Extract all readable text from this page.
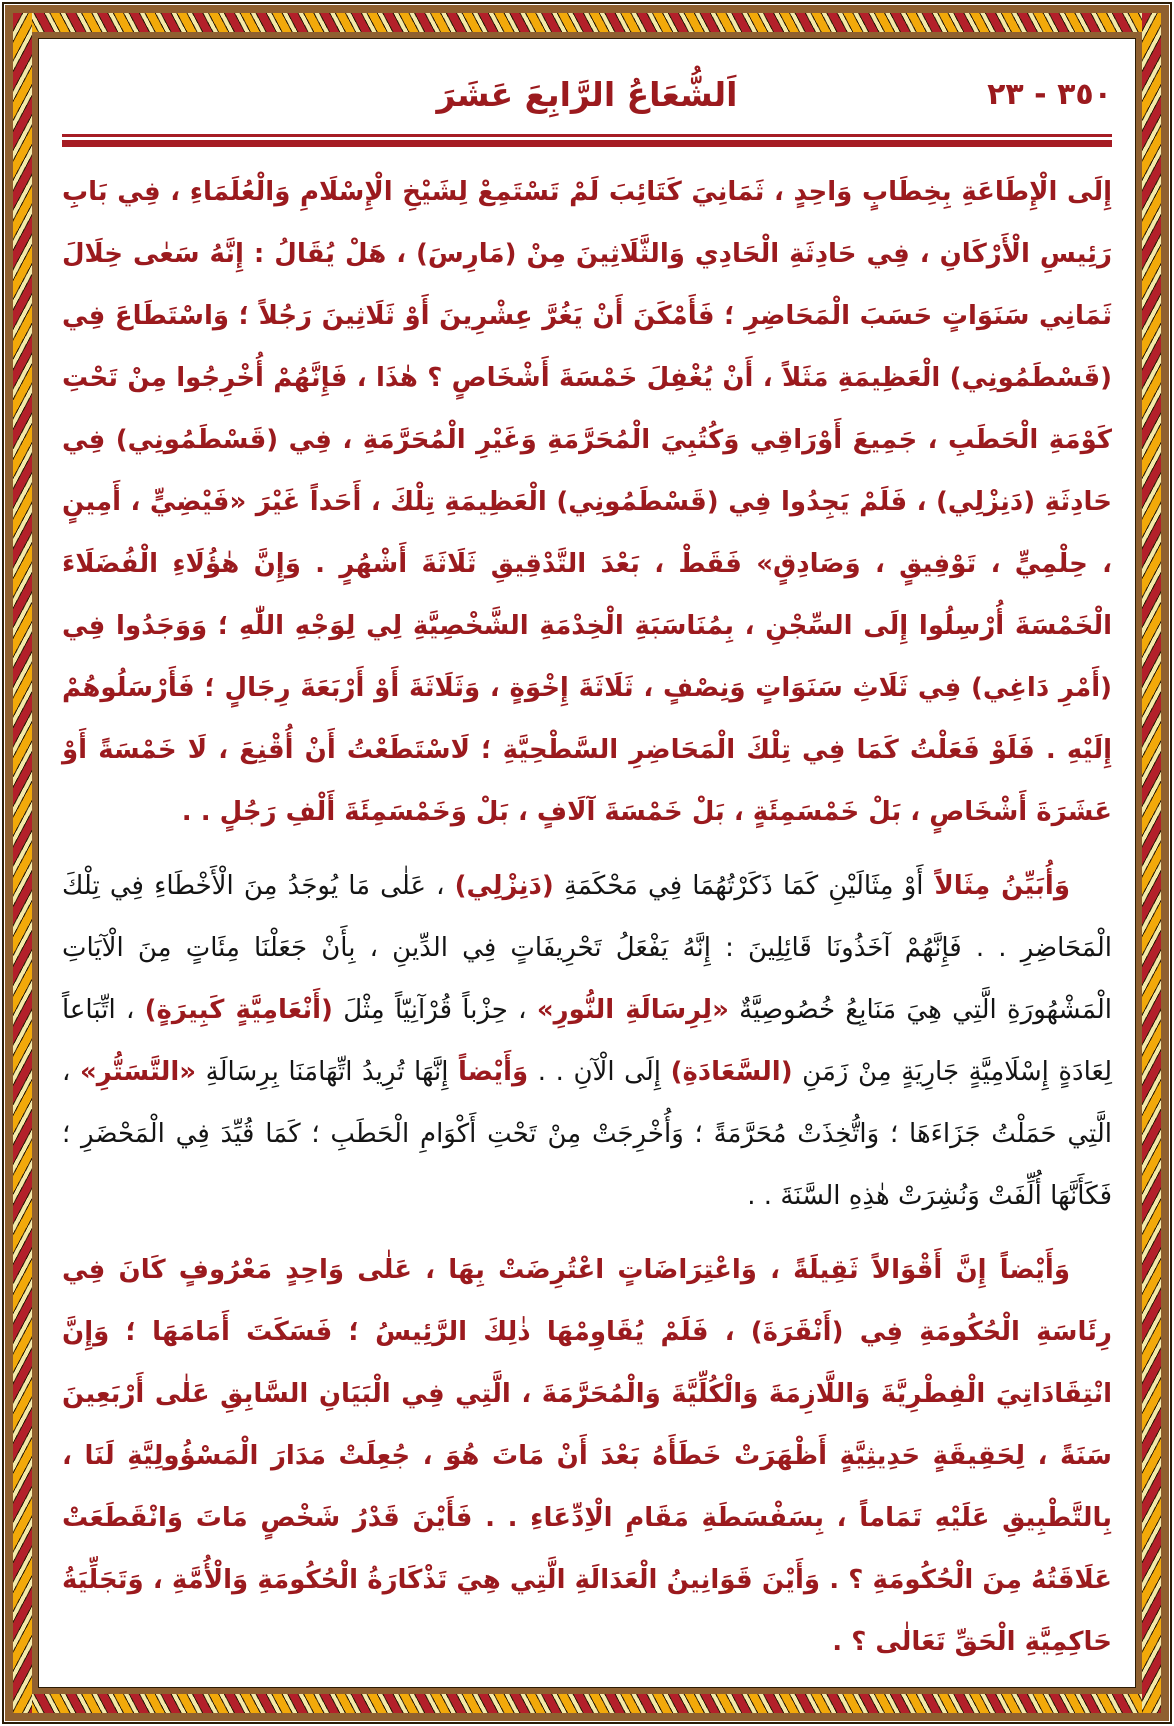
اَلشُّعَاعُ الرَّابِعَ عَشَرَ	٣٥٠ - ٢٣

إِلَى الْإِطَاعَةِ بِخِطَابٍ وَاحِدٍ ، ثَمَانِيَ كَتَائِبَ لَمْ تَسْتَمِعْ لِشَيْخِ الْإِسْلَامِ وَالْعُلَمَاءِ ، فِي بَابِ رَئِيسِ الْأَرْكَانِ ، فِي حَادِثَةِ الْحَادِي وَالثَّلَاثِينَ مِنْ (مَارِسَ) ، هَلْ يُقَالُ : إِنَّهُ سَعٰى خِلَالَ ثَمَانِي سَنَوَاتٍ حَسَبَ الْمَحَاضِرِ ؛ فَأَمْكَنَ أَنْ يَغُرَّ عِشْرِينَ أَوْ ثَلَاثِينَ رَجُلاً ؛ وَاسْتَطَاعَ فِي (قَسْطَمُونِي) الْعَظِيمَةِ مَثَلاً ، أَنْ يُغْفِلَ خَمْسَةَ أَشْخَاصٍ ؟ هٰذَا ، فَإِنَّهُمْ أُخْرِجُوا مِنْ تَحْتِ كَوْمَةِ الْحَطَبِ ، جَمِيعَ أَوْرَاقِي وَكُتُبِيَ الْمُحَرَّمَةِ وَغَيْرِ الْمُحَرَّمَةِ ، فِي (قَسْطَمُونِي) فِي حَادِثَةِ (دَنِزْلِي) ، فَلَمْ يَجِدُوا فِي (قَسْطَمُونِي) الْعَظِيمَةِ تِلْكَ ، أَحَداً غَيْرَ «فَيْضِيٍّ ، أَمِينٍ ، حِلْمِيٍّ ، تَوْفِيقٍ ، وَصَادِقٍ» فَقَطْ ، بَعْدَ التَّدْقِيقِ ثَلَاثَةَ أَشْهُرٍ . وَإِنَّ هٰؤُلَاءِ الْفُضَلَاءَ الْخَمْسَةَ أُرْسِلُوا إِلَى السِّجْنِ ، بِمُنَاسَبَةِ الْخِدْمَةِ الشَّخْصِيَّةِ لِي لِوَجْهِ اللّٰهِ ؛ وَوَجَدُوا فِي (أَمْرِ دَاغِي) فِي ثَلَاثِ سَنَوَاتٍ وَنِصْفٍ ، ثَلَاثَةَ إِخْوَةٍ ، وَثَلَاثَةَ أَوْ أَرْبَعَةَ رِجَالٍ ؛ فَأَرْسَلُوهُمْ إِلَيْهِ . فَلَوْ فَعَلْتُ كَمَا فِي تِلْكَ الْمَحَاضِرِ السَّطْحِيَّةِ ؛ لَاسْتَطَعْتُ أَنْ أُقْنِعَ ، لَا خَمْسَةً أَوْ عَشَرَةَ أَشْخَاصٍ ، بَلْ خَمْسَمِئَةٍ ، بَلْ خَمْسَةَ آلَافٍ ، بَلْ وَخَمْسَمِئَةَ أَلْفِ رَجُلٍ . .

وَأُبَيِّنُ مِثَالاً أَوْ مِثَالَيْنِ كَمَا ذَكَرْتُهُمَا فِي مَحْكَمَةِ (دَنِزْلِي) ، عَلٰى مَا يُوجَدُ مِنَ الْأَخْطَاءِ فِي تِلْكَ الْمَحَاضِرِ . . فَإِنَّهُمْ آخَذُونَا قَائِلِينَ : إِنَّهُ يَفْعَلُ تَحْرِيفَاتٍ فِي الدِّينِ ، بِأَنْ جَعَلْنَا مِئَاتٍ مِنَ الْآيَاتِ الْمَشْهُورَةِ الَّتِي هِيَ مَنَابِعُ خُصُوصِيَّةٌ «لِرِسَالَةِ النُّورِ» ، حِزْباً قُرْآنِيّاً مِثْلَ (أَنْعَامِيَّةٍ كَبِيرَةٍ) ، اتِّبَاعاً لِعَادَةٍ إِسْلَامِيَّةٍ جَارِيَةٍ مِنْ زَمَنِ (السَّعَادَةِ) إِلَى الْآنِ . . وَأَيْضاً إِنَّهَا تُرِيدُ اتِّهَامَنَا بِرِسَالَةِ «التَّسَتُّرِ» ، الَّتِي حَمَلْتُ جَزَاءَهَا ؛ وَاتُّخِذَتْ مُحَرَّمَةً ؛ وَأُخْرِجَتْ مِنْ تَحْتِ أَكْوَامِ الْحَطَبِ ؛ كَمَا قُيِّدَ فِي الْمَحْضَرِ ؛ فَكَأَنَّهَا أُلِّفَتْ وَنُشِرَتْ هٰذِهِ السَّنَةَ . .

وَأَيْضاً إِنَّ أَقْوَالاً ثَقِيلَةً ، وَاعْتِرَاضَاتٍ اعْتُرِضَتْ بِهَا ، عَلٰى وَاحِدٍ مَعْرُوفٍ كَانَ فِي رِئَاسَةِ الْحُكُومَةِ فِي (أَنْقَرَةَ) ، فَلَمْ يُقَاوِمْهَا ذٰلِكَ الرَّئِيسُ ؛ فَسَكَتَ أَمَامَهَا ؛ وَإِنَّ انْتِقَادَاتِيَ الْفِطْرِيَّةَ وَاللَّازِمَةَ وَالْكُلِّيَّةَ وَالْمُحَرَّمَةَ ، الَّتِي فِي الْبَيَانِ السَّابِقِ عَلٰى أَرْبَعِينَ سَنَةً ، لِحَقِيقَةٍ حَدِيثِيَّةٍ أَظْهَرَتْ خَطَأَهُ بَعْدَ أَنْ مَاتَ هُوَ ، جُعِلَتْ مَدَارَ الْمَسْؤُولِيَّةِ لَنَا ، بِالتَّطْبِيقِ عَلَيْهِ تَمَاماً ، بِسَفْسَطَةِ مَقَامِ الْاِدِّعَاءِ . . فَأَيْنَ قَدْرُ شَخْصٍ مَاتَ وَانْقَطَعَتْ عَلَاقَتُهُ مِنَ الْحُكُومَةِ ؟ . وَأَيْنَ قَوَانِينُ الْعَدَالَةِ الَّتِي هِيَ تَذْكَارَةُ الْحُكُومَةِ وَالْأُمَّةِ ، وَتَجَلِّيَةُ حَاكِمِيَّةِ الْحَقِّ تَعَالٰى ؟ .
